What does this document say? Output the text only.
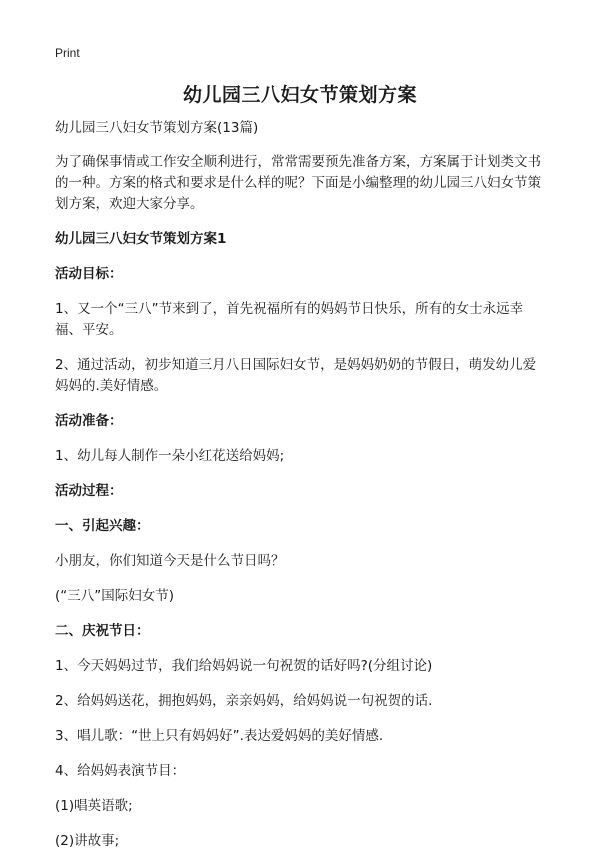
Print
幼儿园三八妇女节策划方案

幼儿园三八妇女节策划方案(13篇)

为了确保事情或工作安全顺利进行，常常需要预先准备方案，方案属于计划类文书的一种。方案的格式和要求是什么样的呢？下面是小编整理的幼儿园三八妇女节策划方案，欢迎大家分享。

幼儿园三八妇女节策划方案1

活动目标：

1、又一个“三八”节来到了，首先祝福所有的妈妈节日快乐，所有的女士永远幸福、平安。

2、通过活动，初步知道三月八日国际妇女节，是妈妈奶奶的节假日，萌发幼儿爱妈妈的.美好情感。

活动准备：

1、幼儿每人制作一朵小红花送给妈妈;

活动过程：

一、引起兴趣：

小朋友，你们知道今天是什么节日吗？

(“三八”国际妇女节)

二、庆祝节日：

1、今天妈妈过节，我们给妈妈说一句祝贺的话好吗?(分组讨论)

2、给妈妈送花，拥抱妈妈，亲亲妈妈，给妈妈说一句祝贺的话.

3、唱儿歌：“世上只有妈妈好”.表达爱妈妈的美好情感.

4、给妈妈表演节目：

(1)唱英语歌;

(2)讲故事;
